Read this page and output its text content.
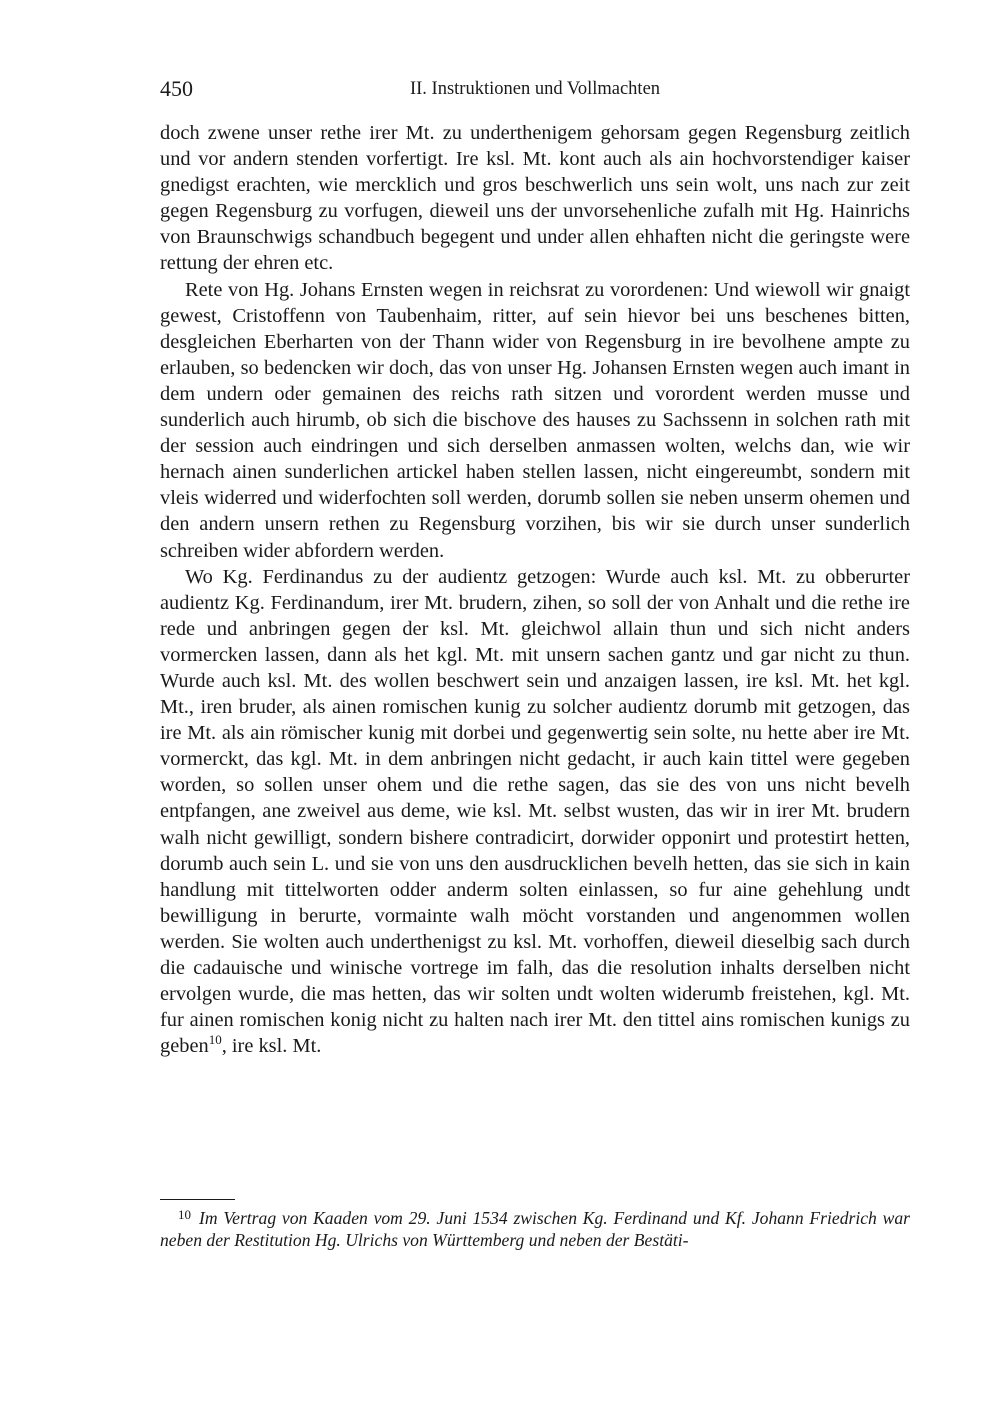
450	II. Instruktionen und Vollmachten

doch zwene unser rethe irer Mt. zu underthenigem gehorsam gegen Regensburg zeitlich und vor andern stenden vorfertigt. Ire ksl. Mt. kont auch als ain hochvorstendiger kaiser gnedigst erachten, wie mercklich und gros beschwerlich uns sein wolt, uns nach zur zeit gegen Regensburg zu vorfugen, dieweil uns der unvorsehenliche zufalh mit Hg. Hainrichs von Braunschwigs schandbuch begegent und under allen ehhaften nicht die geringste were rettung der ehren etc.

Rete von Hg. Johans Ernsten wegen in reichsrat zu vorordenen: Und wiewoll wir gnaigt gewest, Cristoffenn von Taubenhaim, ritter, auf sein hievor bei uns beschenes bitten, desgleichen Eberharten von der Thann wider von Regensburg in ire bevolhene ampte zu erlauben, so bedencken wir doch, das von unser Hg. Johansen Ernsten wegen auch imant in dem undern oder gemainen des reichs rath sitzen und vorordent werden musse und sunderlich auch hirumb, ob sich die bischove des hauses zu Sachssenn in solchen rath mit der session auch eindringen und sich derselben anmassen wolten, welchs dan, wie wir hernach ainen sunderlichen artickel haben stellen lassen, nicht eingereumbt, sondern mit vleis widerred und widerfochten soll werden, dorumb sollen sie neben unserm ohemen und den andern unsern rethen zu Regensburg vorzihen, bis wir sie durch unser sunderlich schreiben wider abfordern werden.

Wo Kg. Ferdinandus zu der audientz getzogen: Wurde auch ksl. Mt. zu obberurter audientz Kg. Ferdinandum, irer Mt. brudern, zihen, so soll der von Anhalt und die rethe ire rede und anbringen gegen der ksl. Mt. gleichwol allain thun und sich nicht anders vormercken lassen, dann als het kgl. Mt. mit unsern sachen gantz und gar nicht zu thun. Wurde auch ksl. Mt. des wollen beschwert sein und anzaigen lassen, ire ksl. Mt. het kgl. Mt., iren bruder, als ainen romischen kunig zu solcher audientz dorumb mit getzogen, das ire Mt. als ain römischer kunig mit dorbei und gegenwertig sein solte, nu hette aber ire Mt. vormerckt, das kgl. Mt. in dem anbringen nicht gedacht, ir auch kain tittel were gegeben worden, so sollen unser ohem und die rethe sagen, das sie des von uns nicht bevelh entpfangen, ane zweivel aus deme, wie ksl. Mt. selbst wusten, das wir in irer Mt. brudern walh nicht gewilligt, sondern bishere contradicirt, dorwider opponirt und protestirt hetten, dorumb auch sein L. und sie von uns den ausdrucklichen bevelh hetten, das sie sich in kain handlung mit tittelworten odder anderm solten einlassen, so fur aine gehehlung undt bewilligung in berurte, vormainte walh möcht vorstanden und angenommen wollen werden. Sie wolten auch underthenigst zu ksl. Mt. vorhoffen, dieweil dieselbig sach durch die cadauische und winische vortrege im falh, das die resolution inhalts derselben nicht ervolgen wurde, die mas hetten, das wir solten undt wolten widerumb freistehen, kgl. Mt. fur ainen romischen konig nicht zu halten nach irer Mt. den tittel ains romischen kunigs zu geben$^{10}$, ire ksl. Mt.

$^{10}$ Im Vertrag von Kaaden vom 29. Juni 1534 zwischen Kg. Ferdinand und Kf. Johann Friedrich war neben der Restitution Hg. Ulrichs von Württemberg und neben der Bestäti-
